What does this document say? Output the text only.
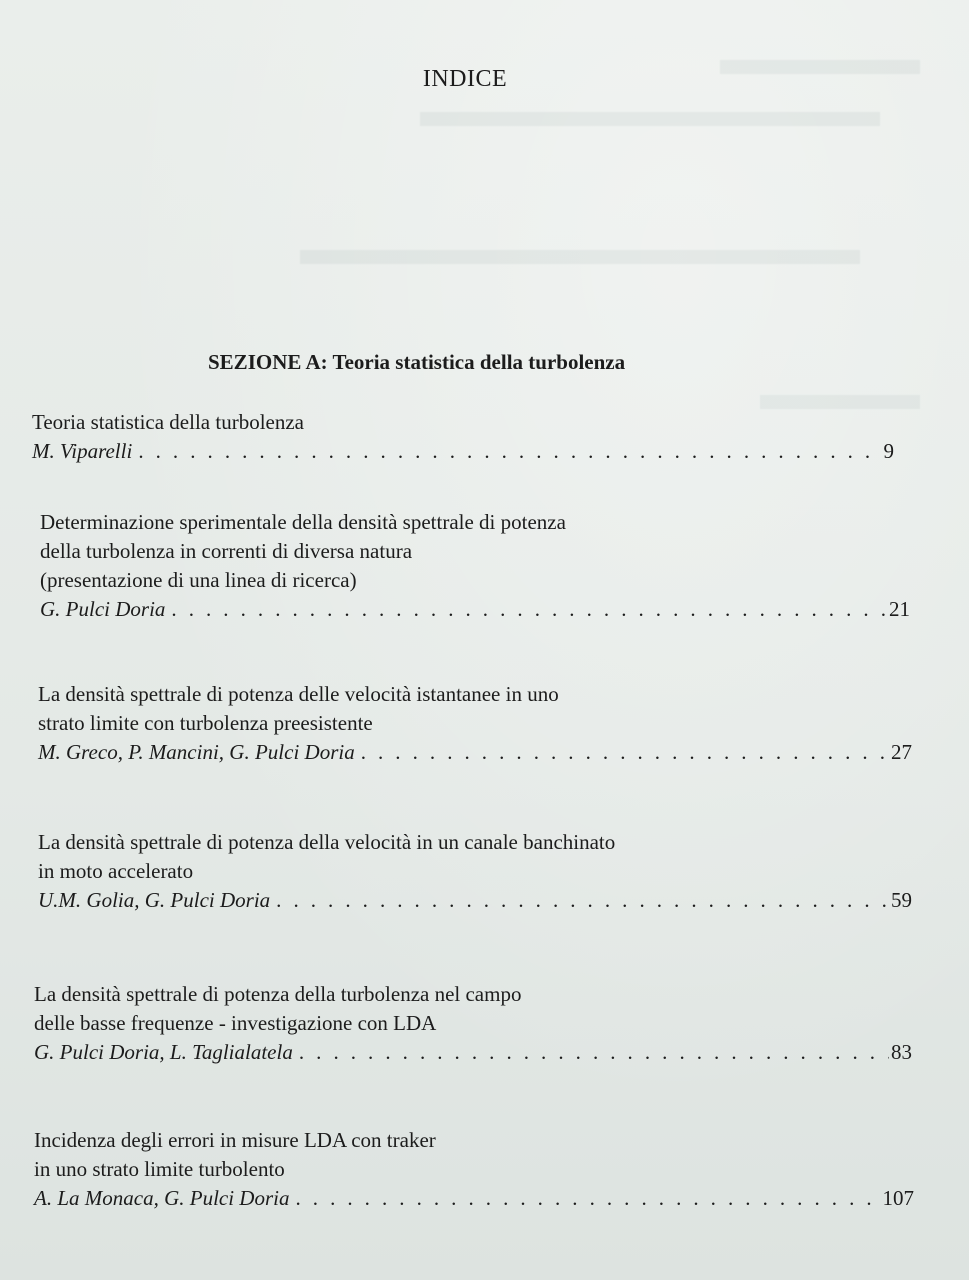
INDICE
SEZIONE A: Teoria statistica della turbolenza
Teoria statistica della turbolenza
M. Viparelli . . .	9
Determinazione sperimentale della densità spettrale di potenza
della turbolenza in correnti di diversa natura
(presentazione di una linea di ricerca)
G. Pulci Doria . . .	21
La densità spettrale di potenza delle velocità istantanee in uno
strato limite con turbolenza preesistente
M. Greco, P. Mancini, G. Pulci Doria . . .	27
La densità spettrale di potenza della velocità in un canale banchinato
in moto accelerato
U.M. Golia, G. Pulci Doria . . .	59
La densità spettrale di potenza della turbolenza nel campo
delle basse frequenze - investigazione con LDA
G. Pulci Doria, L. Taglialatela . . .	83
Incidenza degli errori in misure LDA con traker
in uno strato limite turbolento
A. La Monaca, G. Pulci Doria . . .	107
